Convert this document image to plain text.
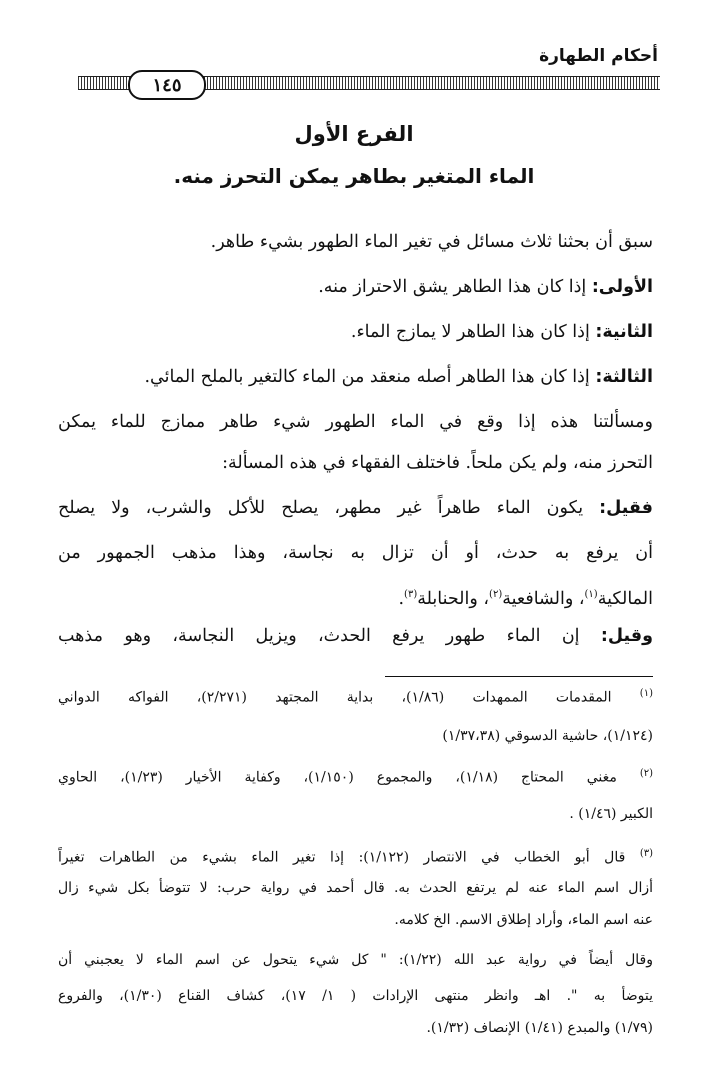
أحكام الطهارة
١٤٥
الفرع الأول
الماء المتغير بطاهر يمكن التحرز منه.
سبق أن بحثنا ثلاث مسائل في تغير الماء الطهور بشيء طاهر.
الأولى: إذا كان هذا الطاهر يشق الاحتراز منه.
الثانية: إذا كان هذا الطاهر لا يمازج الماء.
الثالثة: إذا كان هذا الطاهر أصله منعقد من الماء كالتغير بالملح المائي.
ومسألتنا هذه إذا وقع في الماء الطهور شيء طاهر ممازج للماء يمكن
التحرز منه، ولم يكن ملحاً. فاختلف الفقهاء في هذه المسألة:
فقيل: يكون الماء طاهراً غير مطهر، يصلح للأكل والشرب، ولا يصلح
أن يرفع به حدث، أو أن تزال به نجاسة، وهذا مذهب الجمهور من
المالكية$^{(١)}$، والشافعية$^{(٢)}$، والحنابلة$^{(٣)}$.
وقيل: إن الماء طهور يرفع الحدث، ويزيل النجاسة، وهو مذهب
$^{(١)}$ المقدمات الممهدات (١/٨٦)، بداية المجتهد (٢/٢٧١)، الفواكه الدواني
(١/١٢٤)، حاشية الدسوقي (١/٣٧،٣٨)
$^{(٢)}$ مغني المحتاج (١/١٨)، والمجموع (١/١٥٠)، وكفاية الأخيار (١/٢٣)، الحاوي
الكبير (١/٤٦) .
$^{(٣)}$ قال أبو الخطاب في الانتصار (١/١٢٢): إذا تغير الماء بشيء من الطاهرات تغيراً
أزال اسم الماء عنه لم يرتفع الحدث به. قال أحمد في رواية حرب: لا تتوضأ بكل شيء زال
عنه اسم الماء، وأراد إطلاق الاسم. الخ كلامه.
وقال أيضاً في رواية عبد الله (١/٢٢): " كل شيء يتحول عن اسم الماء لا يعجبني أن
يتوضأ به ". اهـ وانظر منتهى الإرادات ( ١/ ١٧)، كشاف القناع (١/٣٠)، والفروع
(١/٧٩) والمبدع (١/٤١) الإنصاف (١/٣٢).
